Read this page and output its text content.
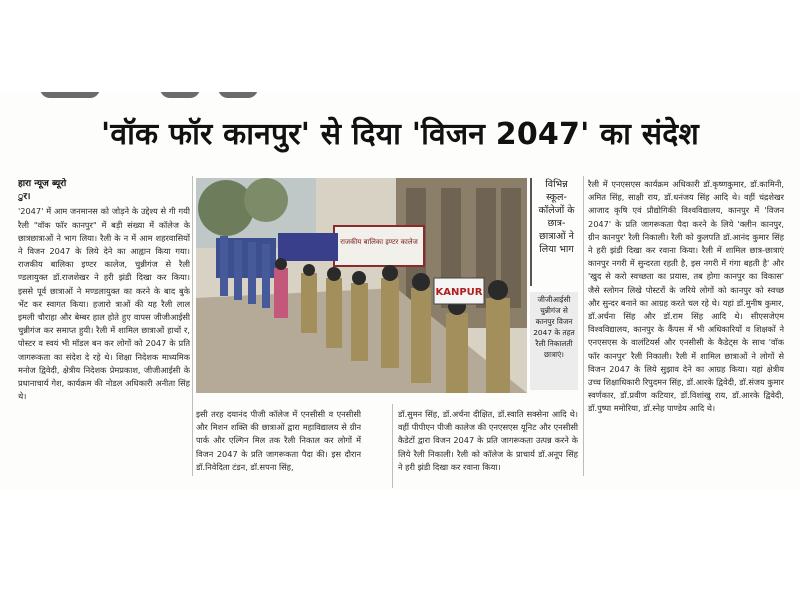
'वॉक फॉर कानपुर' से दिया 'विजन 2047' का संदेश
हारा न्यूज ब्यूरो
ुर।
'2047' में आम जनमानस को जोड़ने के उद्देश्य से गी गयी रैली "वॉक फॉर कानपुर" में बड़ी संख्या में कॉलेज के छात्रछात्राओं ने भाग लिया। रैली के न में आम शहरवासियों ने विजन 2047 के लिये देने का आह्वान किया गया। राजकीय बालिका इण्टर कालेज, चुन्नीगंज से रैली ण्डलायुक्त डॉ.राजशेखर ने हरी झंडी दिखा कर किया। इससे पूर्व छात्राओं ने मण्डलायुक्त का करने के बाद बुके भेंट कर स्वागत किया। हजारो त्राओं की यह रैली लाल इमली चौराहा और बेम्बर हाल होते हुए वापस जीजीआईसी चुन्नीगंज कर समाप्त हुयी। रैली में शामिल छात्राओं हाथों र, पोस्टर व स्वयं भी मॉडल बन कर लोगों को 2047 के प्रति जागरूकता का संदेश दे रहे थे। शिक्षा निदेशक माध्यमिक मनोज द्विवेदी, क्षेत्रीय निदेशक प्रेमप्रकाश, जीजीआईसी के प्रधानाचार्य गेश, कार्यक्रम की नोडल अधिकारी अनीता सिंह थे।
राजकीय बालिका इण्टर कालेज
KANPUR
विभिन्न स्कूल-कॉलेजों के छात्र-छात्राओं ने लिया भाग
जीजीआईसी चुन्नीगंज से कानपुर विजन 2047 के तहत रैली निकालती छात्राएं।
इसी तरह दयानंद पीजी कॉलेज में एनसीसी व एनसीसी और मिशन शक्ति की छात्राओं द्वारा महाविद्यालय से ग्रीन पार्क और एल्गिन मिल तक रैली निकाल कर लोगों में विजन 2047 के प्रति जागरूकता पैदा की। इस दौरान डॉ.निवेदिता टंडन, डॉ.सपना सिंह,
डॉ.सुमन सिंह, डॉ.अर्चना दीक्षित, डॉ.स्वाति सक्सेना आदि थे। वहीं पीपीएन पीजी कालेज की एनएसएस यूनिट और एनसीसी कैडेटों द्वारा विजन 2047 के प्रति जागरूकता उत्पन्न करने के लिये रैली निकाली। रैली को कॉलेज के प्राचार्य डॉ.अनूप सिंह ने हरी झंडी दिखा कर रवाना किया।
रैली में एनएसएस कार्यक्रम अधिकारी डॉ.कृष्णकुमार, डॉ.कामिनी, अमित सिंह, साक्षी राय, डॉ.धनंजय सिंह आदि थे। वहीं चंद्रशेखर आजाद कृषि एवं प्रौद्योगिकी विश्वविद्यालय, कानपुर में 'विजन 2047' के प्रति जागरूकता पैदा करने के लिये 'क्लीन कानपुर, ग्रीन कानपुर' रैली निकाली। रैली को कुलपति डॉ.आनंद कुमार सिंह ने हरी झंडी दिखा कर रवाना किया। रैली में शामिल छात्र-छात्राएं कानपुर नगरी में सुन्दरता रहती है, इस नगरी में गंगा बहती है' और 'खुद से करो स्वच्छता का प्रयास, तब होगा कानपुर का विकास' जैसे स्लोगन लिखे पोस्टरों के जरिये लोगों को कानपुर को स्वच्छ और सुन्दर बनाने का आग्रह करते चल रहे थे। यहां डॉ.मुनीष कुमार, डॉ.अर्चना सिंह और डॉ.राम सिंह आदि थे। सीएसजेएम विश्वविद्यालय, कानपुर के कैंपस में भी अधिकारियों व शिक्षकों ने एनएसएस के वालंटियर्स और एनसीसी के कैडेट्स के साथ 'वॉक फॉर कानपुर' रैली निकाली। रैली में शामिल छात्राओं ने लोगों से विजन 2047 के लिये सुझाव देने का आग्रह किया। यहां क्षेत्रीय उच्च शिक्षाधिकारी रिपुदमन सिंह, डॉ.आरके द्विवेदी, डॉ.संजय कुमार स्वर्णकार, डॉ.प्रवीण कटियार, डॉ.विशांखु राय, डॉ.आरके द्विवेदी, डॉ.पुष्पा ममोरिया, डॉ.स्नेह पाण्डेय आदि थे।
